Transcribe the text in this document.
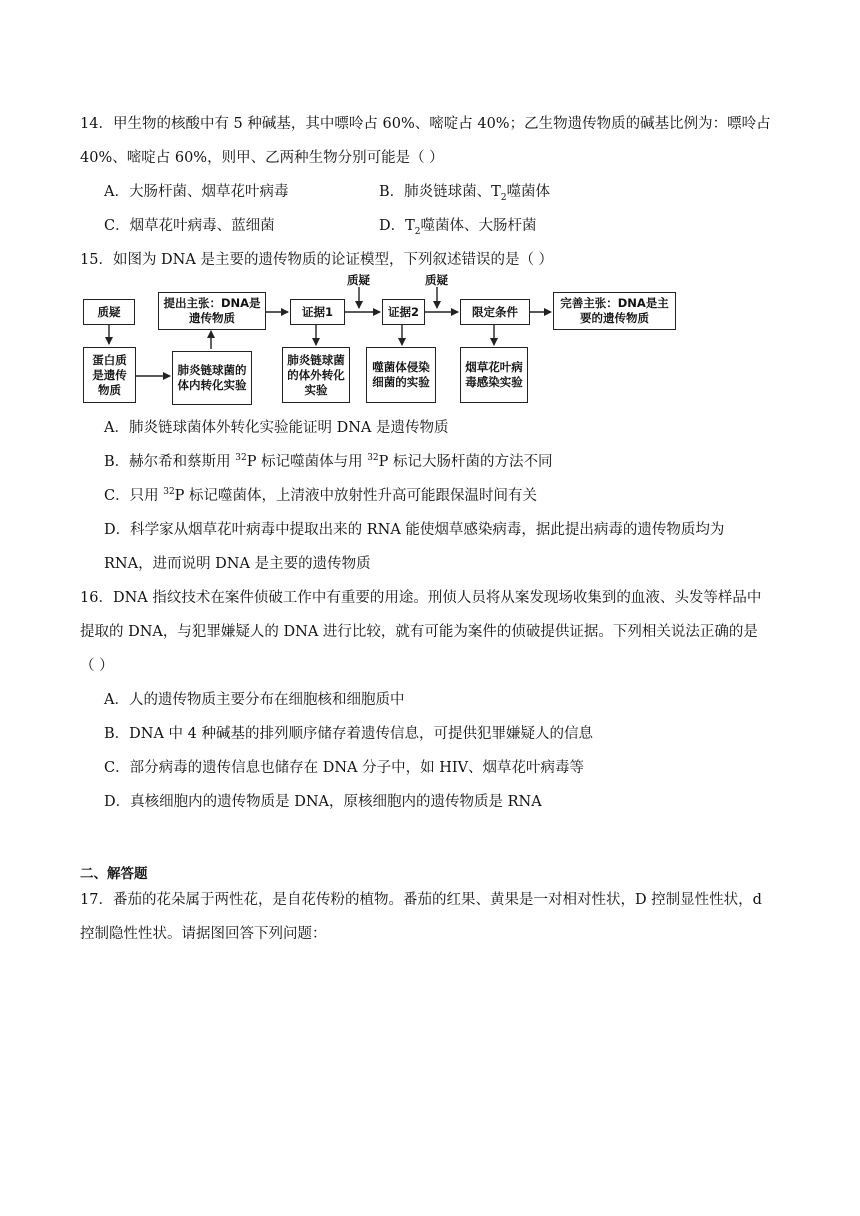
14．甲生物的核酸中有 5 种碱基，其中嘌呤占 60%、嘧啶占 40%；乙生物遗传物质的碱基比例为：嘌呤占
40%、嘧啶占 60%，则甲、乙两种生物分别可能是（ ）
A．大肠杆菌、烟草花叶病毒	B．肺炎链球菌、$T_2$噬菌体
C．烟草花叶病毒、蓝细菌	D．$T_2$噬菌体、大肠杆菌
15．如图为 DNA 是主要的遗传物质的论证模型，下列叙述错误的是（ ）
质疑	质疑
质疑
提出主张：DNA是遗传物质	证据1	证据2	限定条件
完善主张：DNA是主要的遗传物质
蛋白质是遗传物质
肺炎链球菌的体内转化实验
肺炎链球菌的体外转化实验
噬菌体侵染细菌的实验
烟草花叶病毒感染实验
A．肺炎链球菌体外转化实验能证明 DNA 是遗传物质
B．赫尔希和蔡斯用 $^{32}$P 标记噬菌体与用 $^{32}$P 标记大肠杆菌的方法不同
C．只用 $^{32}$P 标记噬菌体，上清液中放射性升高可能跟保温时间有关
D．科学家从烟草花叶病毒中提取出来的 RNA 能使烟草感染病毒，据此提出病毒的遗传物质均为
RNA，进而说明 DNA 是主要的遗传物质
16．DNA 指纹技术在案件侦破工作中有重要的用途。刑侦人员将从案发现场收集到的血液、头发等样品中
提取的 DNA，与犯罪嫌疑人的 DNA 进行比较，就有可能为案件的侦破提供证据。下列相关说法正确的是
（ ）
A．人的遗传物质主要分布在细胞核和细胞质中
B．DNA 中 4 种碱基的排列顺序储存着遗传信息，可提供犯罪嫌疑人的信息
C．部分病毒的遗传信息也储存在 DNA 分子中，如 HIV、烟草花叶病毒等
D．真核细胞内的遗传物质是 DNA，原核细胞内的遗传物质是 RNA
二、解答题
17．番茄的花朵属于两性花，是自花传粉的植物。番茄的红果、黄果是一对相对性状，D 控制显性性状，d
控制隐性性状。请据图回答下列问题：
